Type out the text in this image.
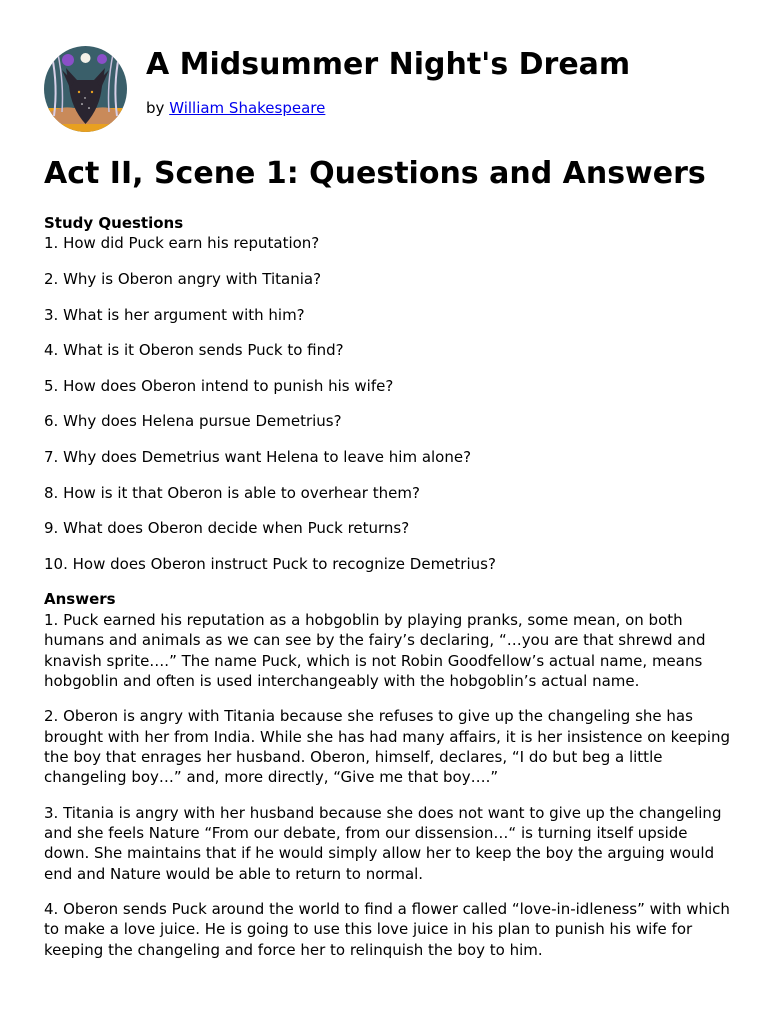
A Midsummer Night's Dream
by William Shakespeare
Act II, Scene 1: Questions and Answers
Study Questions

1. How did Puck earn his reputation?

2. Why is Oberon angry with Titania?

3. What is her argument with him?

4. What is it Oberon sends Puck to find?

5. How does Oberon intend to punish his wife?

6. Why does Helena pursue Demetrius?

7. Why does Demetrius want Helena to leave him alone?

8. How is it that Oberon is able to overhear them?

9. What does Oberon decide when Puck returns?

10. How does Oberon instruct Puck to recognize Demetrius?

Answers

1. Puck earned his reputation as a hobgoblin by playing pranks, some mean, on both humans and animals as we can see by the fairy’s declaring, “…you are that shrewd and knavish sprite….” The name Puck, which is not Robin Goodfellow’s actual name, means hobgoblin and often is used interchangeably with the hobgoblin’s actual name.

2. Oberon is angry with Titania because she refuses to give up the changeling she has brought with her from India. While she has had many affairs, it is her insistence on keeping the boy that enrages her husband. Oberon, himself, declares, “I do but beg a little changeling boy…” and, more directly, “Give me that boy….”

3. Titania is angry with her husband because she does not want to give up the changeling and she feels Nature “From our debate, from our dissension…“ is turning itself upside down. She maintains that if he would simply allow her to keep the boy the arguing would end and Nature would be able to return to normal.

4. Oberon sends Puck around the world to find a flower called “love-in-idleness” with which to make a love juice. He is going to use this love juice in his plan to punish his wife for keeping the changeling and force her to relinquish the boy to him.
